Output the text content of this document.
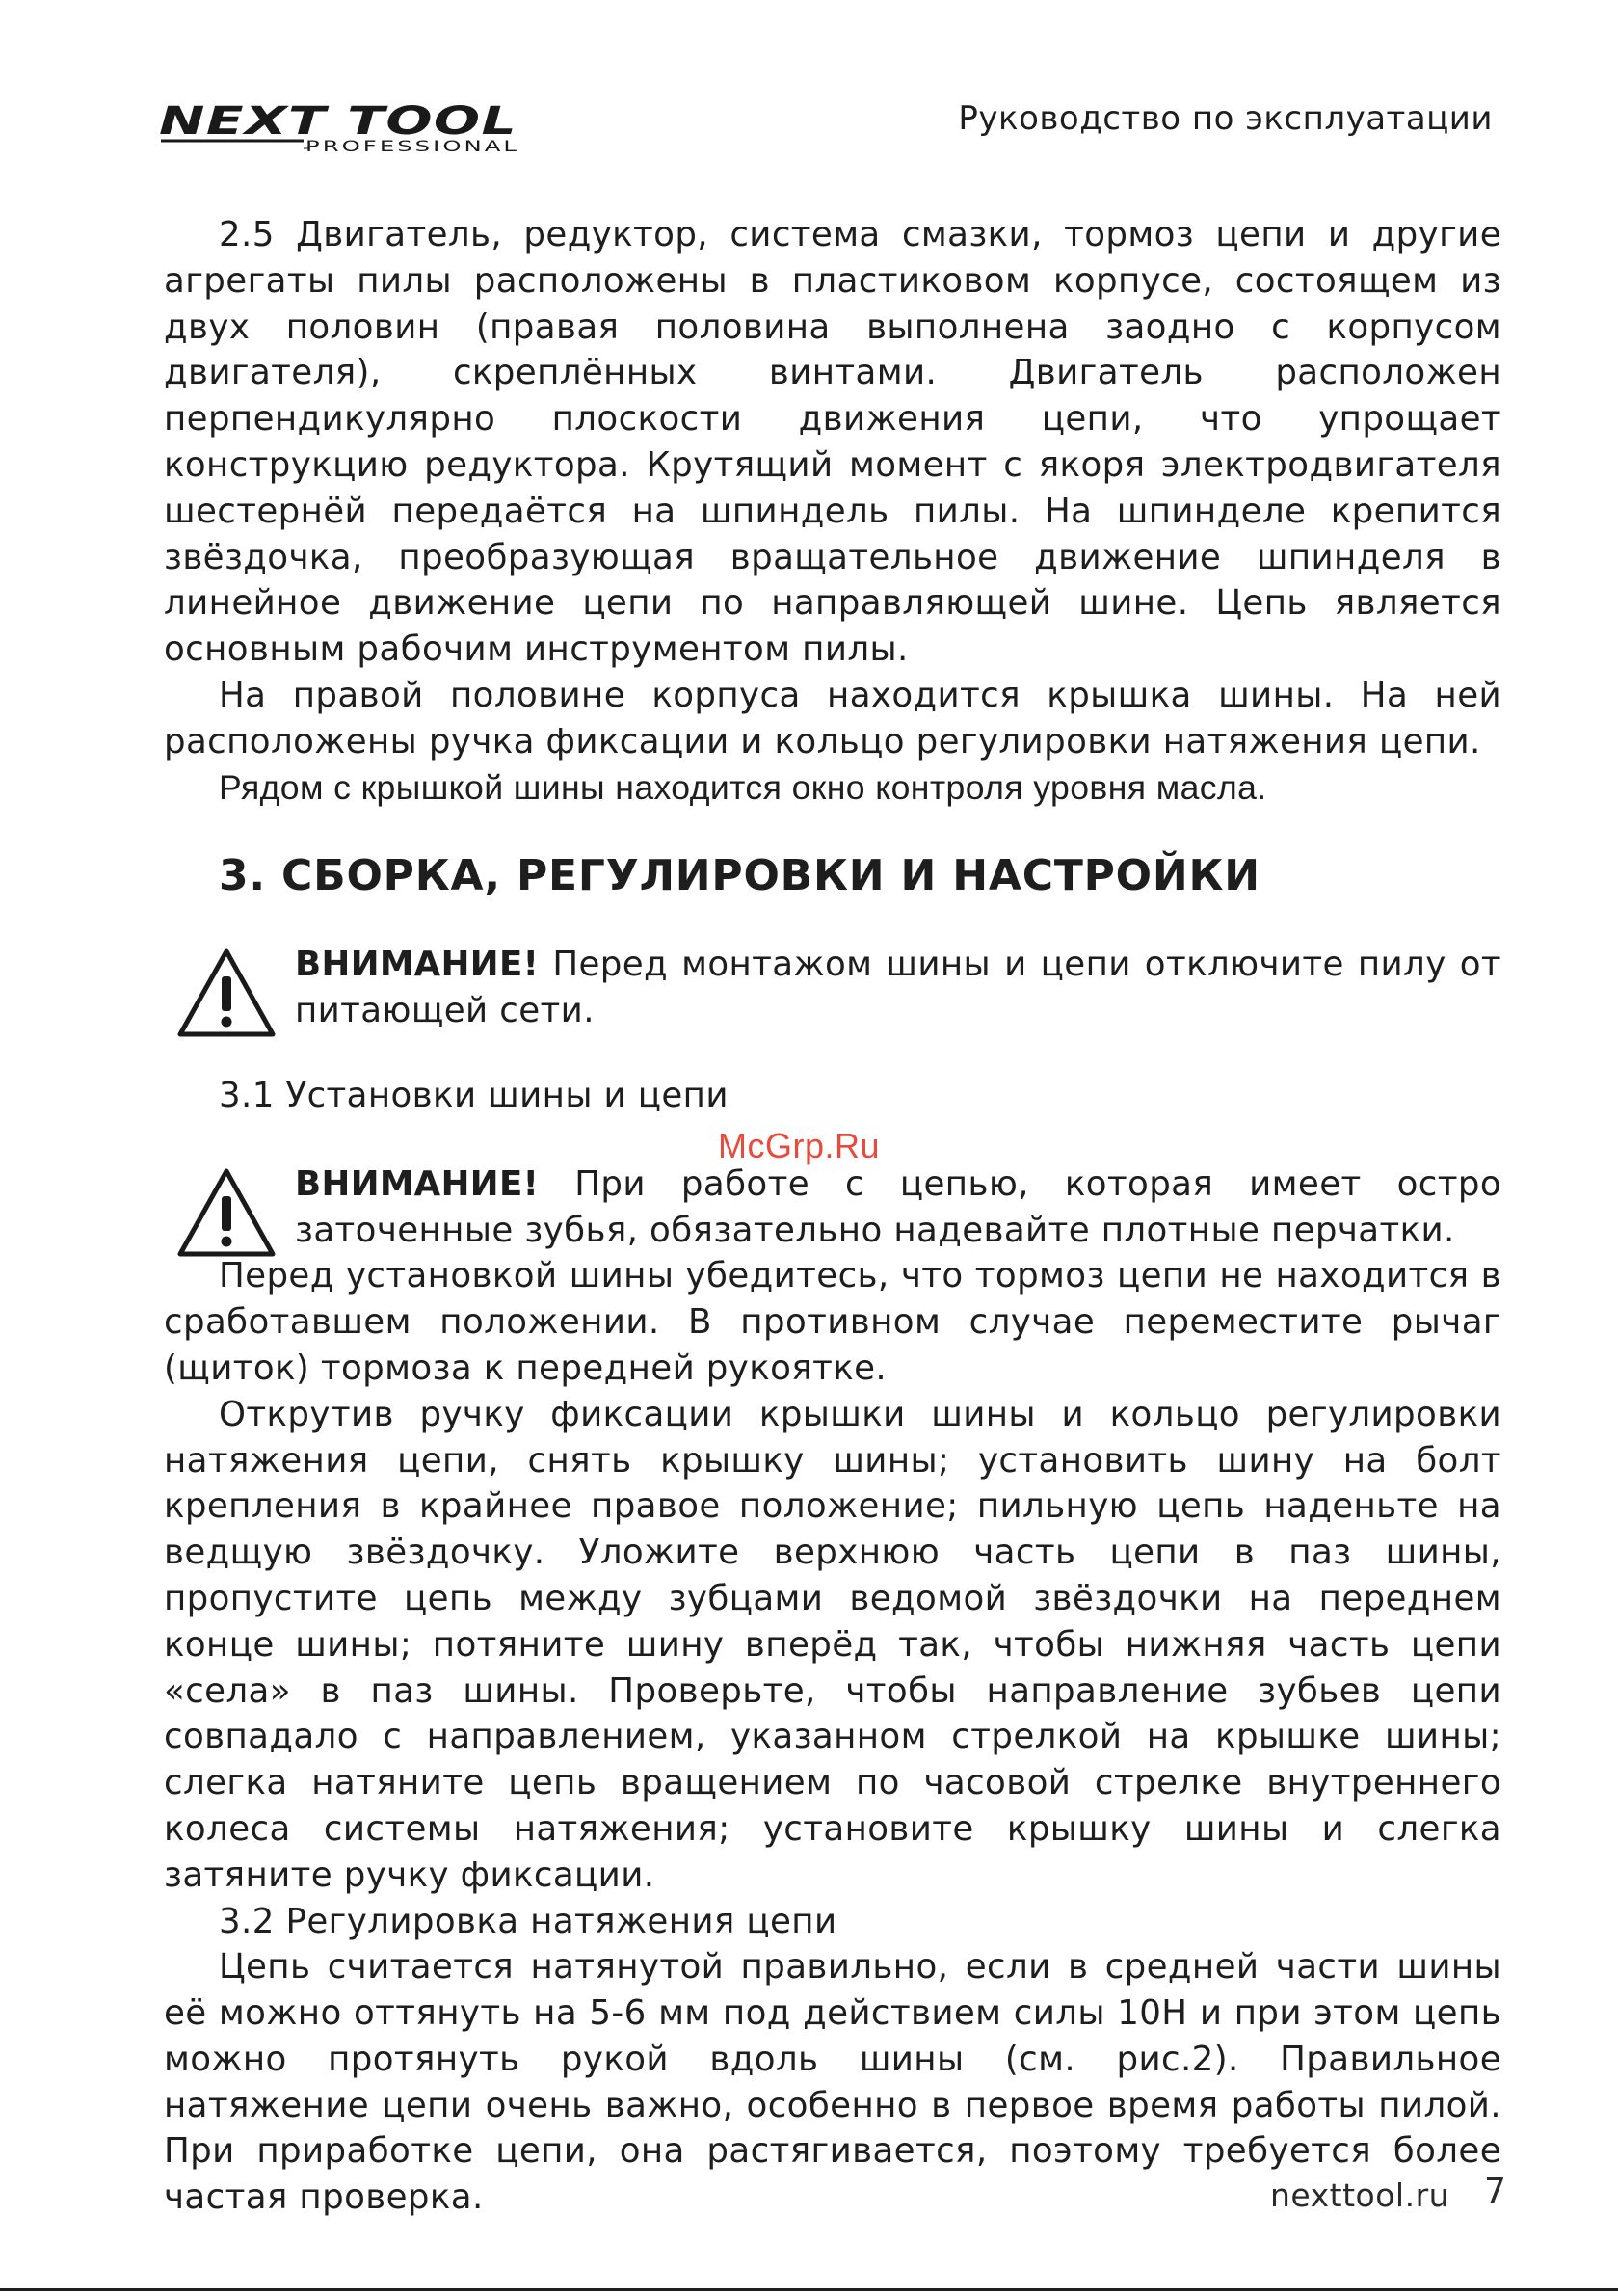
NEXT TOOL
PROFESSIONAL
Руководство по эксплуатации

2.5 Двигатель, редуктор, система смазки, тормоз цепи и другие агрегаты пилы расположены в пластиковом корпусе, состоящем из двух половин (правая половина выполнена заодно с корпусом двигателя), скреплённых винтами. Двигатель расположен перпендикулярно плоскости движения цепи, что упрощает конструкцию редуктора. Крутящий момент с якоря электродвигателя шестернёй передаётся на шпиндель пилы. На шпинделе крепится звёздочка, преобразующая вращательное движение шпинделя в линейное движение цепи по направляющей шине. Цепь является основным рабочим инструментом пилы.

На правой половине корпуса находится крышка шины. На ней расположены ручка фиксации и кольцо регулировки натяжения цепи.

Рядом с крышкой шины находится окно контроля уровня масла.

3. СБОРКА, РЕГУЛИРОВКИ И НАСТРОЙКИ

ВНИМАНИЕ! Перед монтажом шины и цепи отключите пилу от питающей сети.

3.1 Установки шины и цепи

ВНИМАНИЕ! При работе с цепью, которая имеет остро заточенные зубья, обязательно надевайте плотные перчатки.

Перед установкой шины убедитесь, что тормоз цепи не находится в сработавшем положении. В противном случае переместите рычаг (щиток) тормоза к передней рукоятке.

Открутив ручку фиксации крышки шины и кольцо регулировки натяжения цепи, снять крышку шины; установить шину на болт крепления в крайнее правое положение; пильную цепь наденьте на ведщую звёздочку. Уложите верхнюю часть цепи в паз шины, пропустите цепь между зубцами ведомой звёздочки на переднем конце шины; потяните шину вперёд так, чтобы нижняя часть цепи «села» в паз шины. Проверьте, чтобы направление зубьев цепи совпадало с направлением, указанном стрелкой на крышке шины; слегка натяните цепь вращением по часовой стрелке внутреннего колеса системы натяжения; установите крышку шины и слегка затяните ручку фиксации.

3.2 Регулировка натяжения цепи

Цепь считается натянутой правильно, если в средней части шины её можно оттянуть на 5-6 мм под действием силы 10Н и при этом цепь можно протянуть рукой вдоль шины (см. рис.2). Правильное натяжение цепи очень важно, особенно в первое время работы пилой. При приработке цепи, она растягивается, поэтому требуется более частая проверка.

McGrp.Ru
nexttool.ru 7
